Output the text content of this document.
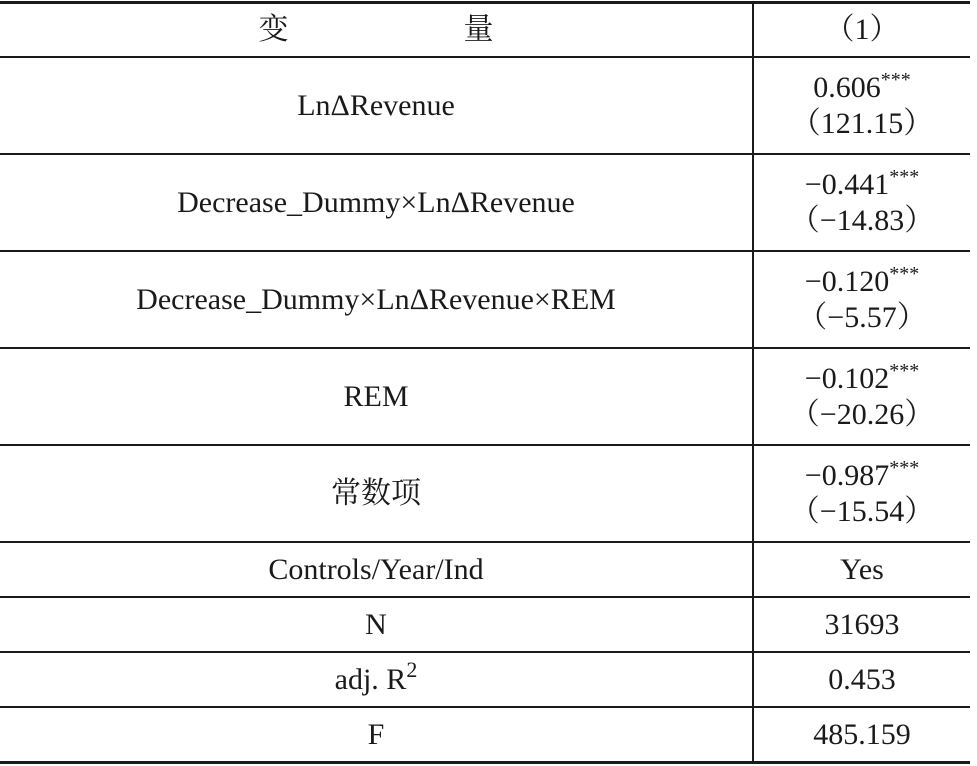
变 量	（1）
LnΔRevenue	0.606***
（121.15）

Decrease_Dummy×LnΔRevenue	−0.441***
（−14.83）

Decrease_Dummy×LnΔRevenue×REM	−0.120***
（−5.57）

REM	−0.102***
（−20.26）

常数项	−0.987***
（−15.54）

Controls/Year/Ind	Yes
N	31693
adj. $R^2$	0.453
F	485.159
